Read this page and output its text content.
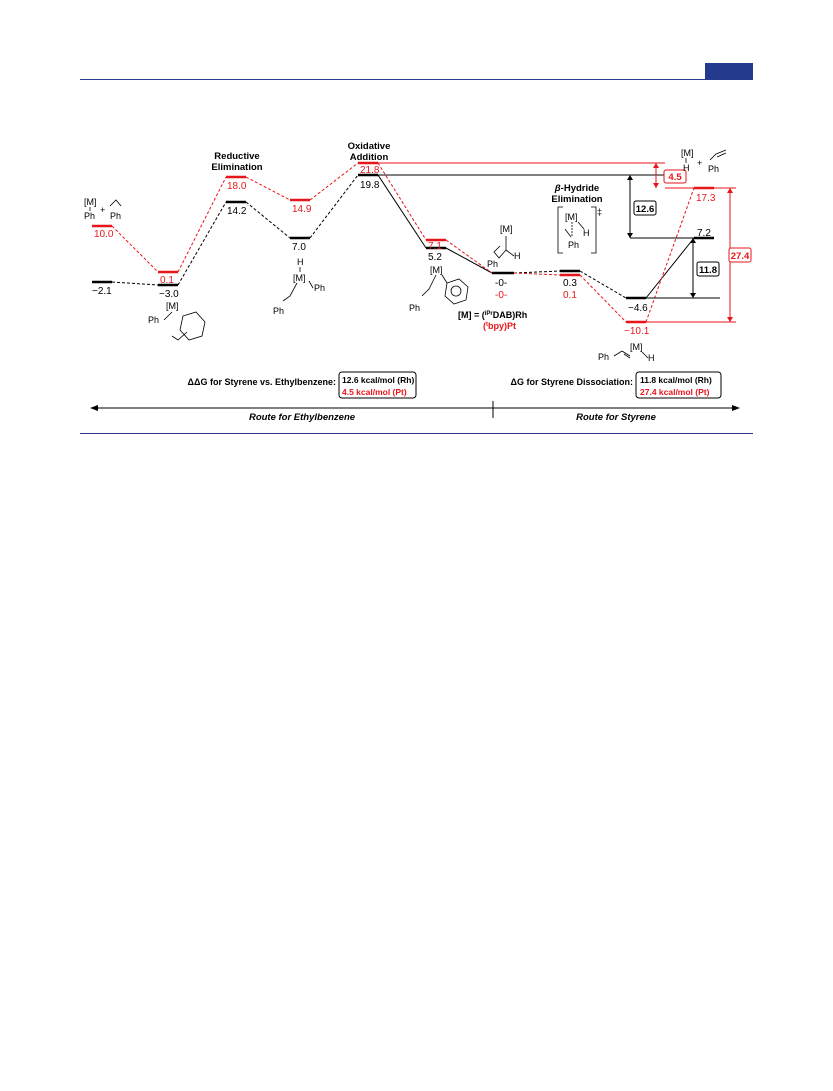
−2.1	−3.0
14.2
7.0
19.8
5.2
-0-	0.3
−4.6
7.2
10.0
0.1
18.0
14.9
21.8
7.1
-0-	0.1
−10.1
17.3
Reductive
Elimination
Oxidative
Addition
β-Hydride
Elimination
4.5
12.6
11.8
27.4
[M]
Ph
+
Ph
[M]
Ph
H
[M]
Ph
Ph
[M]
Ph
[M]
H
Ph
[M]
H
Ph
‡
[M]
Ph	H
[M]
H +
Ph
[M] = ($^i$PrDAB)Rh
($^t$bpy)Pt
ΔΔG for Styrene vs. Ethylbenzene: 12.6 kcal/mol (Rh)
4.5 kcal/mol (Pt)
ΔG for Styrene Dissociation: 11.8 kcal/mol (Rh)
27.4 kcal/mol (Pt)
Route for Ethylbenzene	Route for Styrene
